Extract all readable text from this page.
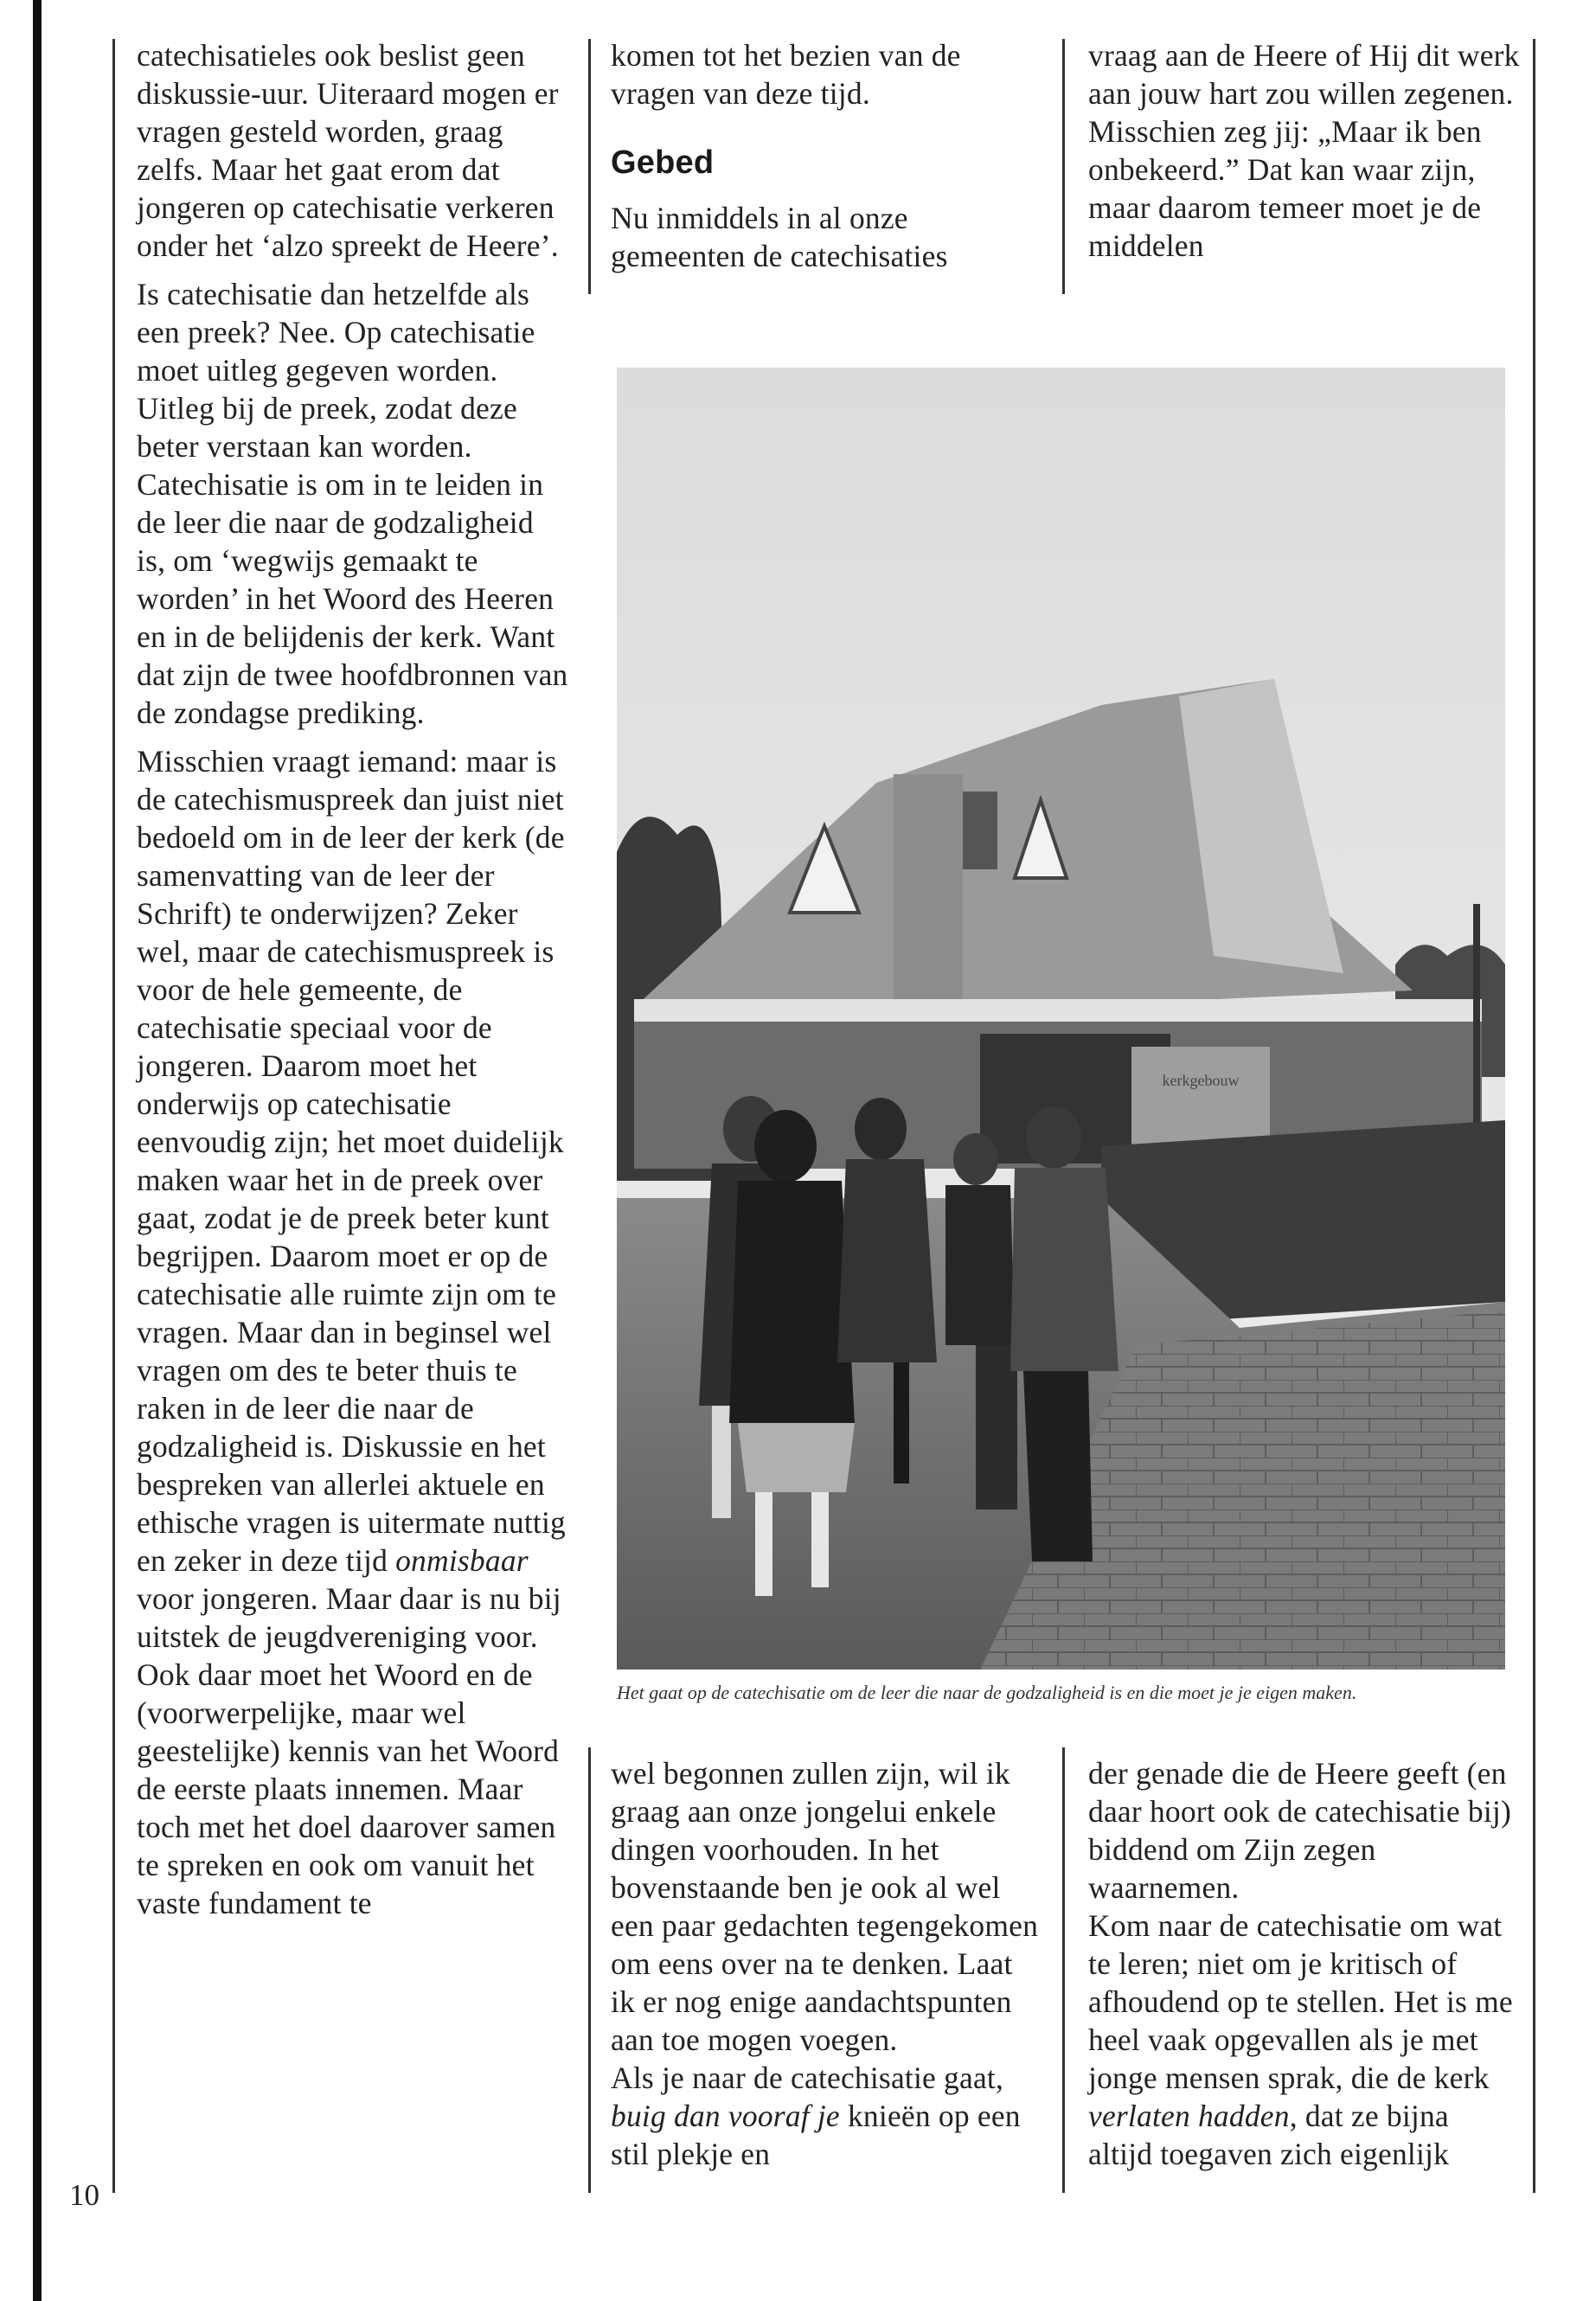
10

catechisatieles ook beslist geen diskussie-uur. Uiteraard mogen er vragen gesteld worden, graag zelfs. Maar het gaat erom dat jongeren op catechisatie verkeren onder het ‘alzo spreekt de Heere’.

Is catechisatie dan hetzelfde als een preek? Nee. Op catechisatie moet uitleg gegeven worden. Uitleg bij de preek, zodat deze beter verstaan kan worden. Catechisatie is om in te leiden in de leer die naar de godzaligheid is, om ‘wegwijs gemaakt te worden’ in het Woord des Heeren en in de belijdenis der kerk. Want dat zijn de twee hoofdbronnen van de zondagse prediking.

Misschien vraagt iemand: maar is de catechismuspreek dan juist niet bedoeld om in de leer der kerk (de samenvatting van de leer der Schrift) te onderwijzen? Zeker wel, maar de catechismuspreek is voor de hele gemeente, de catechisatie speciaal voor de jongeren. Daarom moet het onderwijs op catechisatie eenvoudig zijn; het moet duidelijk maken waar het in de preek over gaat, zodat je de preek beter kunt begrijpen. Daarom moet er op de catechisatie alle ruimte zijn om te vragen. Maar dan in beginsel wel vragen om des te beter thuis te raken in de leer die naar de godzaligheid is. Diskussie en het bespreken van allerlei aktuele en ethische vragen is uitermate nuttig en zeker in deze tijd onmisbaar voor jongeren. Maar daar is nu bij uitstek de jeugdvereniging voor. Ook daar moet het Woord en de (voorwerpelijke, maar wel geestelijke) kennis van het Woord de eerste plaats innemen. Maar toch met het doel daarover samen te spreken en ook om vanuit het vaste fundament te

komen tot het bezien van de vragen van deze tijd.

Gebed

Nu inmiddels in al onze gemeenten de catechisaties

vraag aan de Heere of Hij dit werk aan jouw hart zou willen zegenen.

Misschien zeg jij: „Maar ik ben onbekeerd.” Dat kan waar zijn, maar daarom temeer moet je de middelen

kerkgebouw
Het gaat op de catechisatie om de leer die naar de godzaligheid is en die moet je je eigen maken.

wel begonnen zullen zijn, wil ik graag aan onze jongelui enkele dingen voorhouden. In het bovenstaande ben je ook al wel een paar gedachten tegengekomen om eens over na te denken. Laat ik er nog enige aandachtspunten aan toe mogen voegen.

Als je naar de catechisatie gaat, buig dan vooraf je knieën op een stil plekje en

der genade die de Heere geeft (en daar hoort ook de catechisatie bij) biddend om Zijn zegen waarnemen.

Kom naar de catechisatie om wat te leren; niet om je kritisch of afhoudend op te stellen. Het is me heel vaak opgevallen als je met jonge mensen sprak, die de kerk verlaten hadden, dat ze bijna altijd toegaven zich eigenlijk
